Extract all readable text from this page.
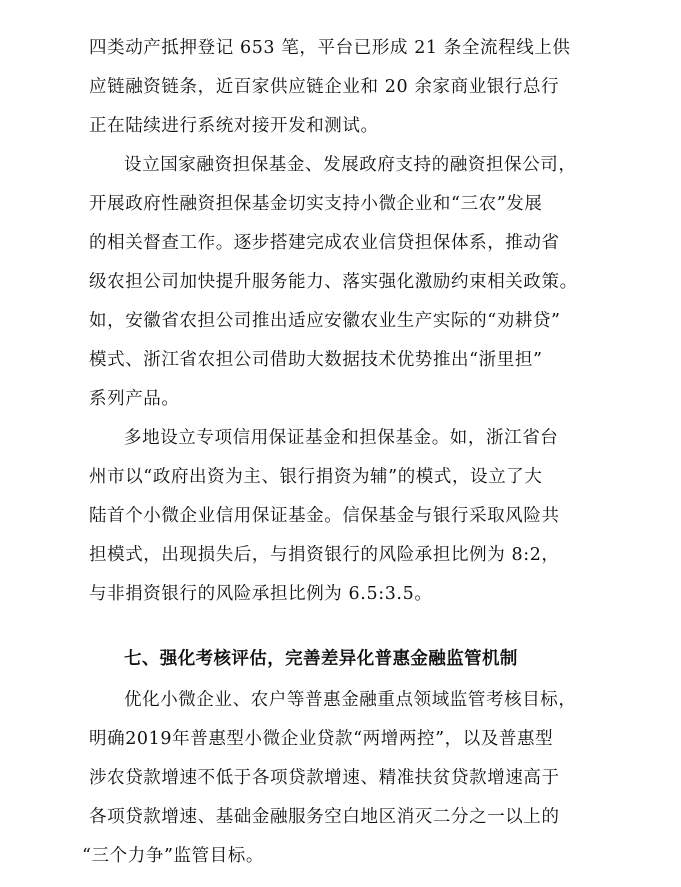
四类动产抵押登记 653 笔，平台已形成 21 条全流程线上供
应链融资链条，近百家供应链企业和 20 余家商业银行总行
正在陆续进行系统对接开发和测试。
设立国家融资担保基金、发展政府支持的融资担保公司，
开展政府性融资担保基金切实支持小微企业和“三农”发展
的相关督查工作。逐步搭建完成农业信贷担保体系，推动省
级农担公司加快提升服务能力、落实强化激励约束相关政策。
如，安徽省农担公司推出适应安徽农业生产实际的“劝耕贷”
模式、浙江省农担公司借助大数据技术优势推出“浙里担”
系列产品。
多地设立专项信用保证基金和担保基金。如，浙江省台
州市以“政府出资为主、银行捐资为辅”的模式，设立了大
陆首个小微企业信用保证基金。信保基金与银行采取风险共
担模式，出现损失后，与捐资银行的风险承担比例为 8:2，
与非捐资银行的风险承担比例为 6.5:3.5。
七、强化考核评估，完善差异化普惠金融监管机制
优化小微企业、农户等普惠金融重点领域监管考核目标，
明确2019年普惠型小微企业贷款“两增两控”，以及普惠型
涉农贷款增速不低于各项贷款增速、精准扶贫贷款增速高于
各项贷款增速、基础金融服务空白地区消灭二分之一以上的
“三个力争”监管目标。
